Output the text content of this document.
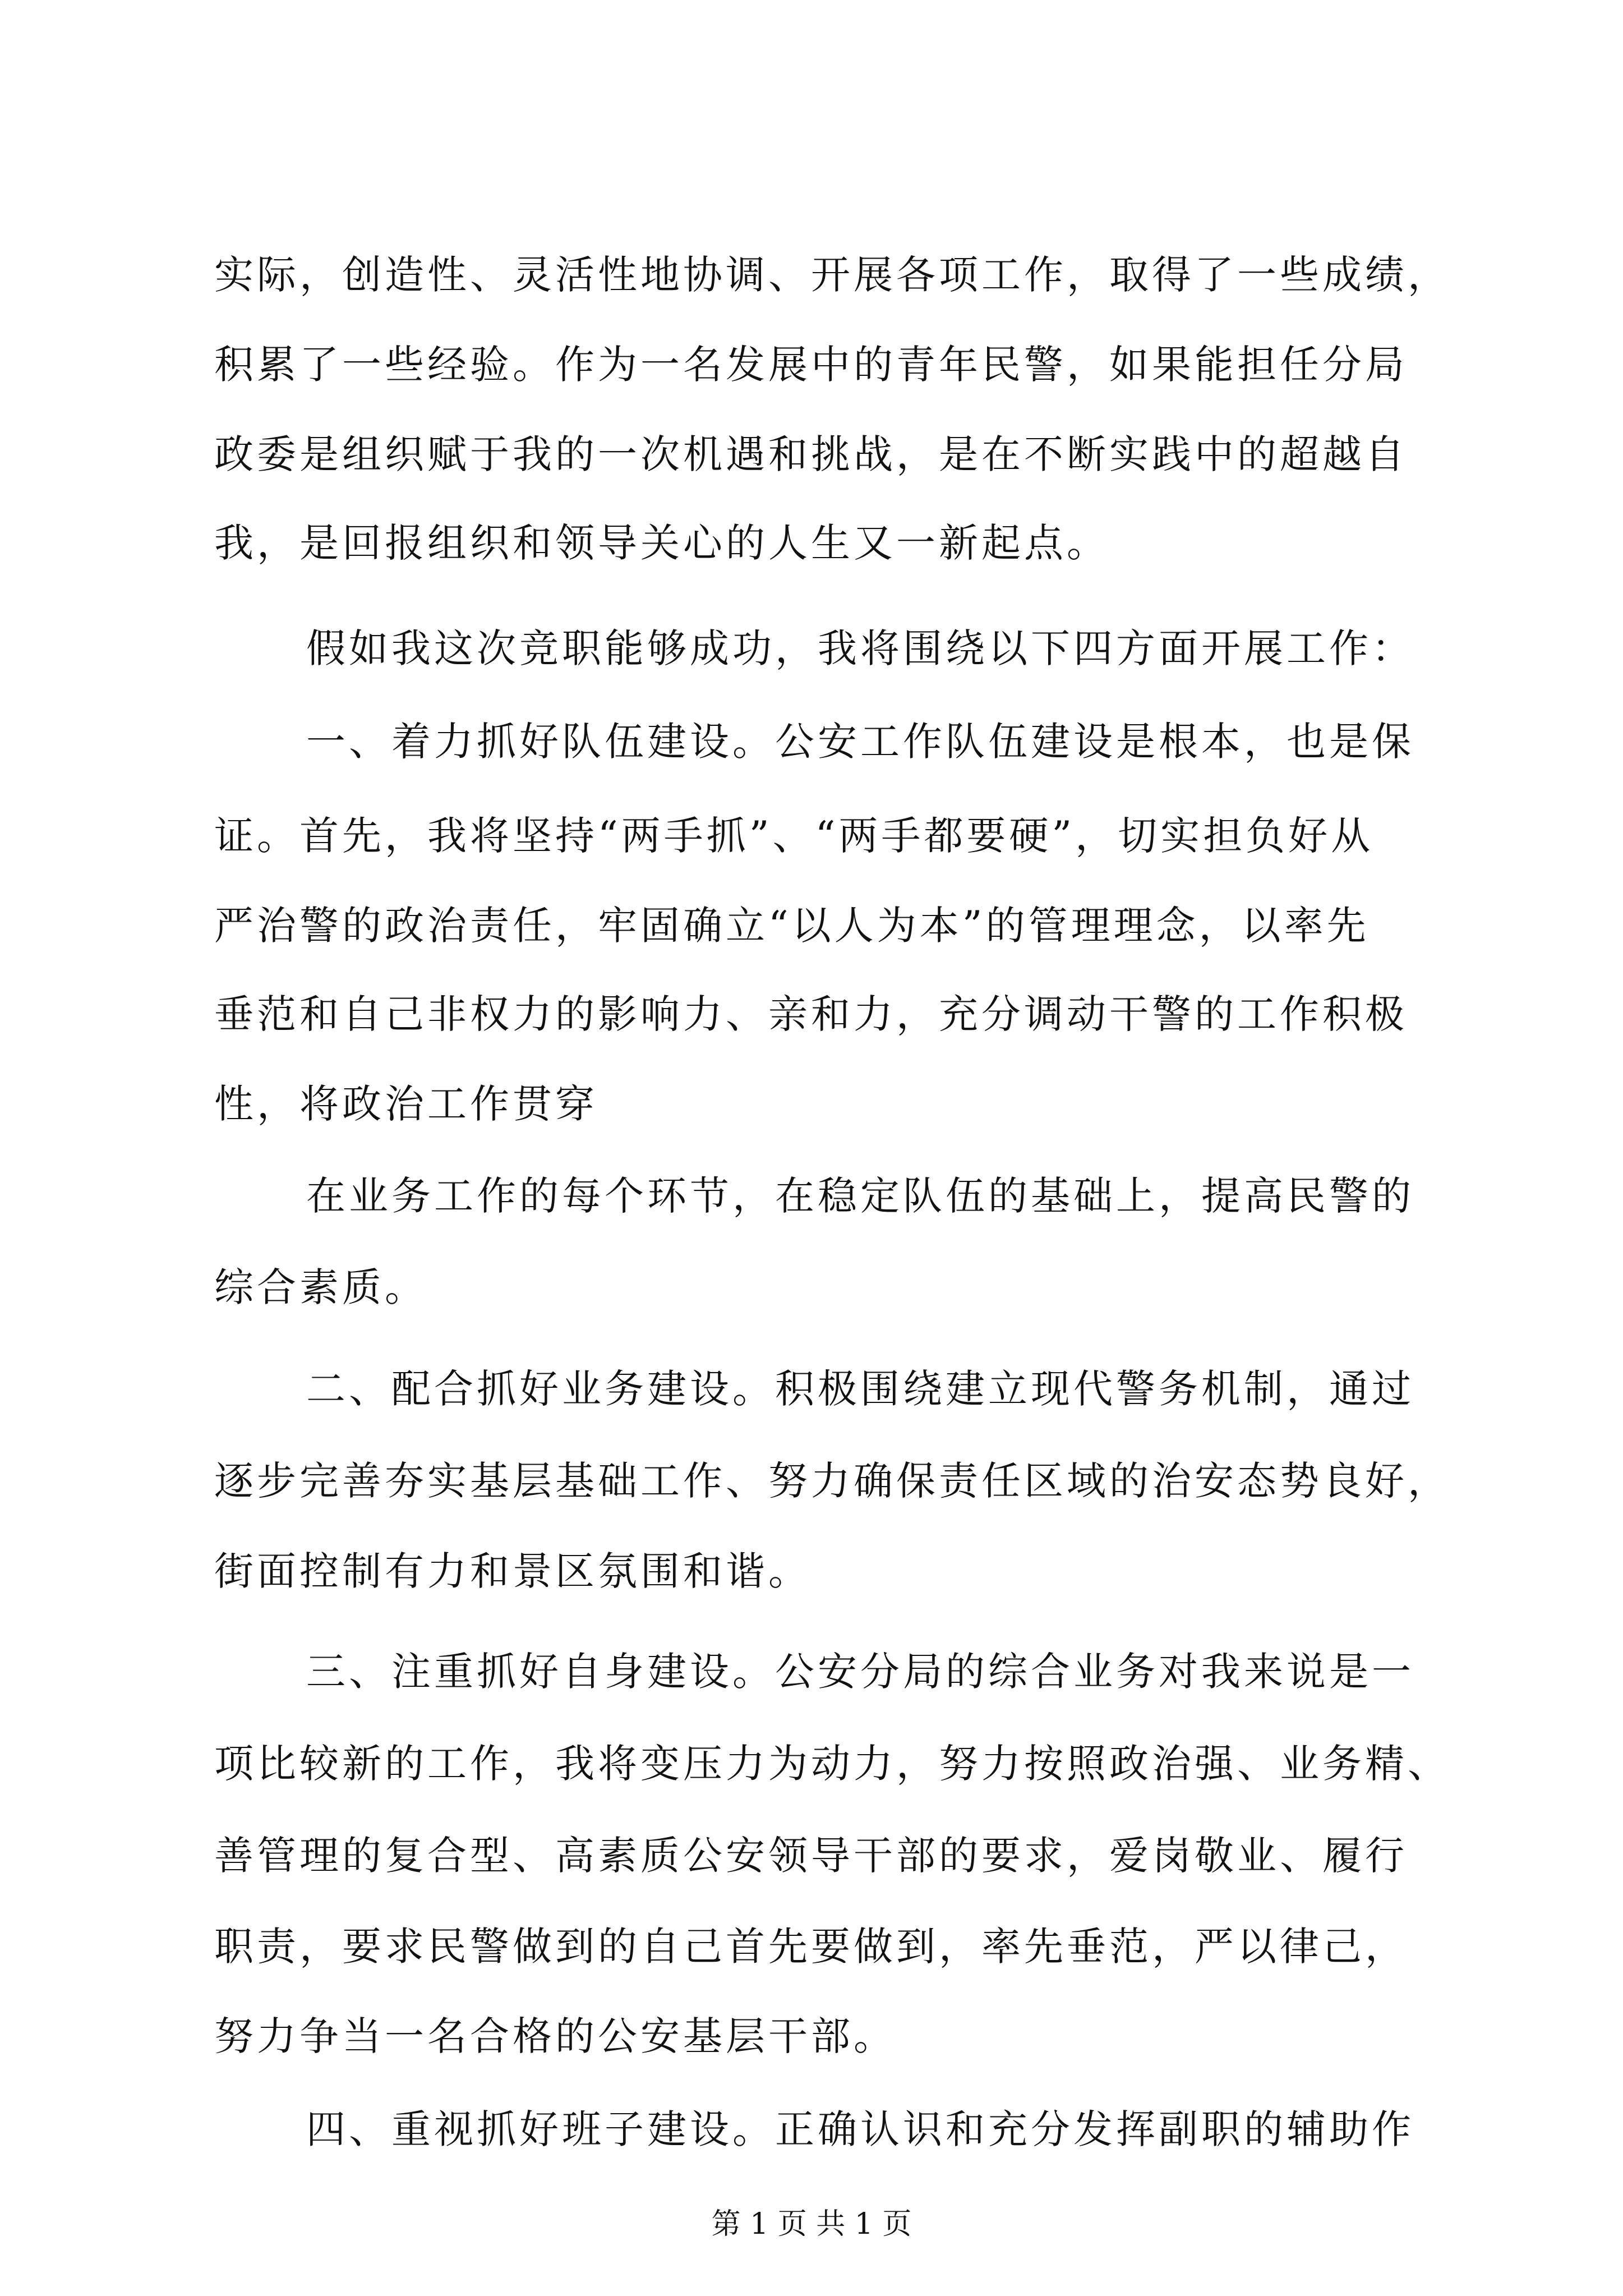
实际，创造性、灵活性地协调、开展各项工作，取得了一些成绩，
积累了一些经验。作为一名发展中的青年民警，如果能担任分局
政委是组织赋于我的一次机遇和挑战，是在不断实践中的超越自
我，是回报组织和领导关心的人生又一新起点。
假如我这次竞职能够成功，我将围绕以下四方面开展工作：
一、着力抓好队伍建设。公安工作队伍建设是根本，也是保
证。首先，我将坚持“两手抓”、“两手都要硬”，切实担负好从
严治警的政治责任，牢固确立“以人为本”的管理理念，以率先
垂范和自己非权力的影响力、亲和力，充分调动干警的工作积极
性，将政治工作贯穿
在业务工作的每个环节，在稳定队伍的基础上，提高民警的
综合素质。
二、配合抓好业务建设。积极围绕建立现代警务机制，通过
逐步完善夯实基层基础工作、努力确保责任区域的治安态势良好，
街面控制有力和景区氛围和谐。
三、注重抓好自身建设。公安分局的综合业务对我来说是一
项比较新的工作，我将变压力为动力，努力按照政治强、业务精、
善管理的复合型、高素质公安领导干部的要求，爱岗敬业、履行
职责，要求民警做到的自己首先要做到，率先垂范，严以律己，
努力争当一名合格的公安基层干部。
四、重视抓好班子建设。正确认识和充分发挥副职的辅助作
第 1 页 共 1 页
